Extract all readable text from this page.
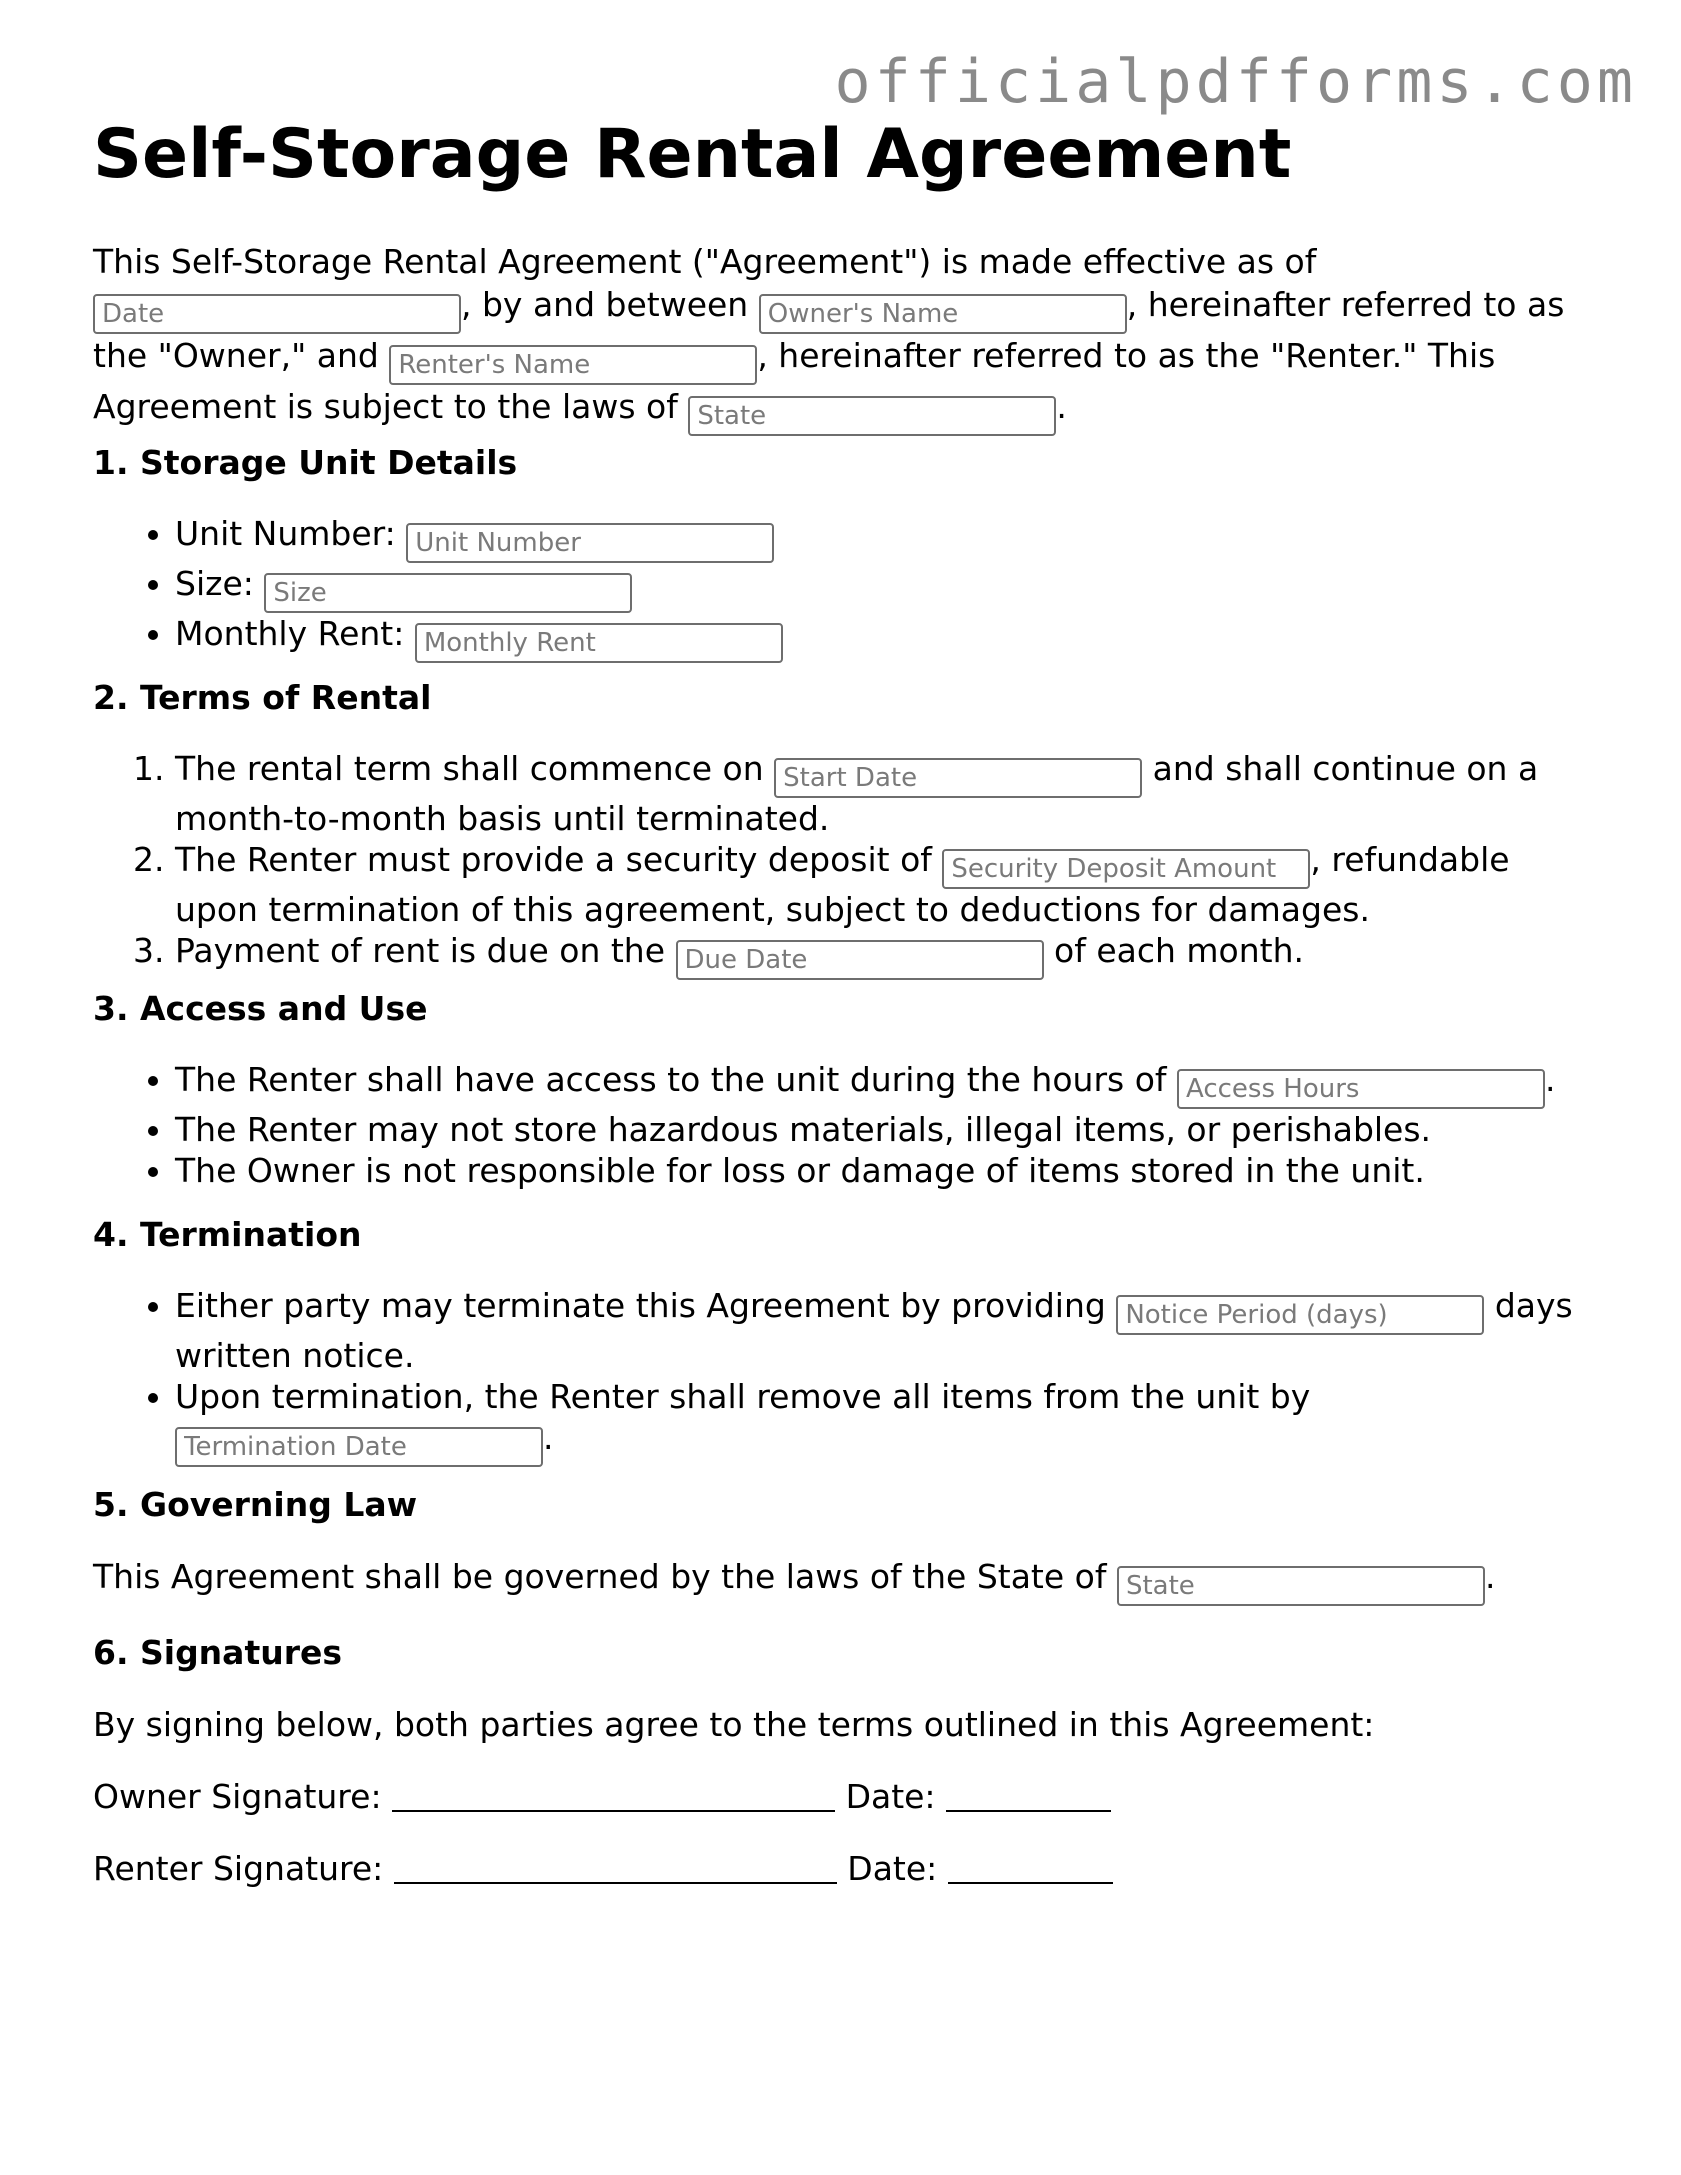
officialpdfforms.com
Self-Storage Rental Agreement
This Self-Storage Rental Agreement ("Agreement") is made effective as of
Date, by and between Owner's Name	, hereinafter referred to as the "Owner," and Renter's Name	, hereinafter referred to as the "Renter." This Agreement is subject to the laws of State	.
1. Storage Unit Details
• Unit Number: Unit Number
• Size: Size
• Monthly Rent: Monthly Rent
2. Terms of Rental
1. The rental term shall commence on Start Date	and shall continue on a month-to-month basis until terminated.
2. The Renter must provide a security deposit of Security Deposit Amount	, refundable upon termination of this agreement, subject to deductions for damages.
3. Payment of rent is due on the Due Date	of each month.
3. Access and Use
• The Renter shall have access to the unit during the hours of Access Hours	.
• The Renter may not store hazardous materials, illegal items, or perishables.
• The Owner is not responsible for loss or damage of items stored in the unit.
4. Termination
• Either party may terminate this Agreement by providing Notice Period (days)	days written notice.
• Upon termination, the Renter shall remove all items from the unit by Termination Date.
5. Governing Law

This Agreement shall be governed by the laws of the State of State	.

6. Signatures

By signing below, both parties agree to the terms outlined in this Agreement:

Owner Signature:	Date:

Renter Signature:	Date:
